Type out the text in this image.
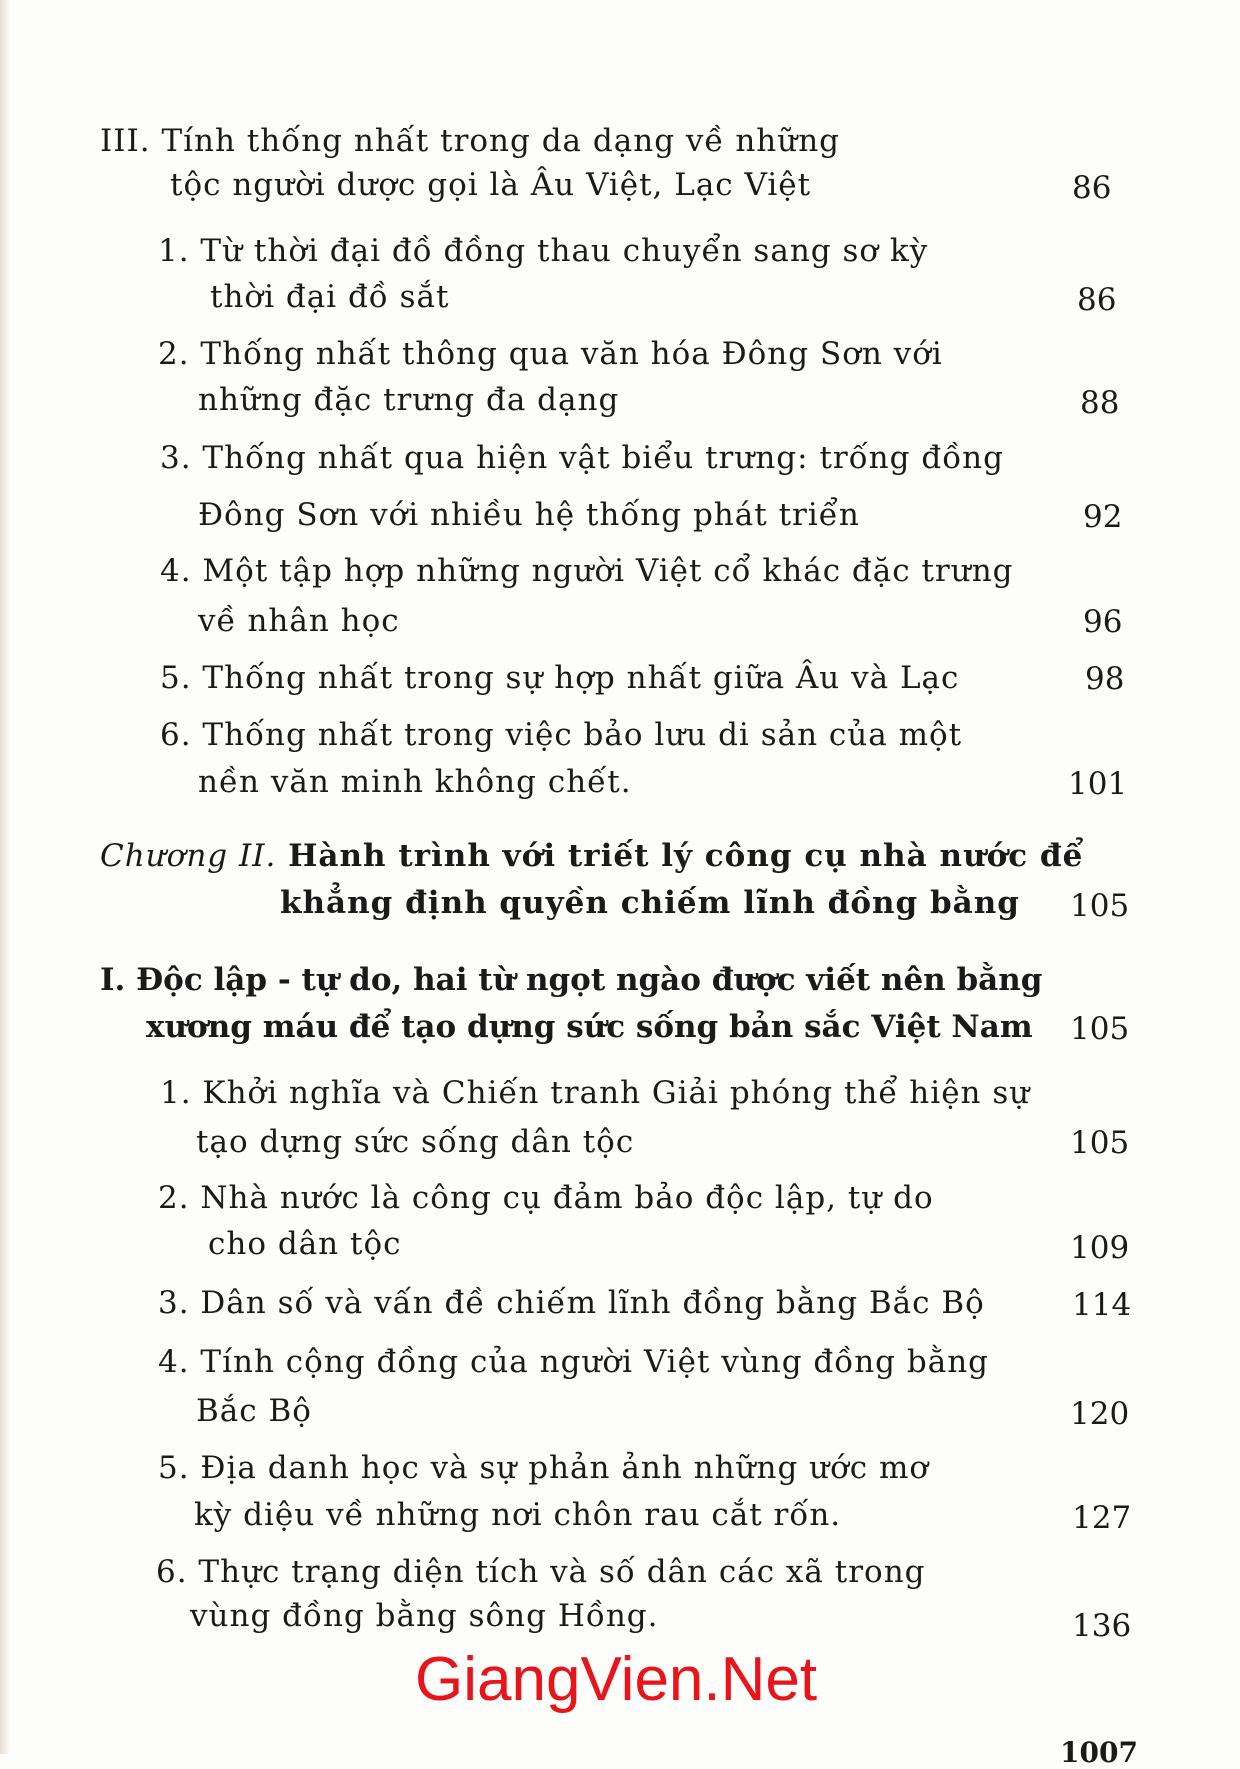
III. Tính thống nhất trong da dạng về những
tộc người dược gọi là Âu Việt, Lạc Việt	86
1. Từ thời đại đồ đồng thau chuyển sang sơ kỳ
thời đại đồ sắt	86
2. Thống nhất thông qua văn hóa Đông Sơn với
những đặc trưng đa dạng	88
3. Thống nhất qua hiện vật biểu trưng: trống đồng
Đông Sơn với nhiều hệ thống phát triển	92
4. Một tập hợp những người Việt cổ khác đặc trưng
về nhân học	96
5. Thống nhất trong sự hợp nhất giữa Âu và Lạc	98
6. Thống nhất trong việc bảo lưu di sản của một
nền văn minh không chết.	101
Chương II. Hành trình với triết lý công cụ nhà nước để
khẳng định quyền chiếm lĩnh đồng bằng 105
I. Độc lập - tự do, hai từ ngọt ngào được viết nên bằng
xương máu để tạo dựng sức sống bản sắc Việt Nam 105
1. Khởi nghĩa và Chiến tranh Giải phóng thể hiện sự
tạo dựng sức sống dân tộc	105
2. Nhà nước là công cụ đảm bảo độc lập, tự do
cho dân tộc	109
3. Dân số và vấn đề chiếm lĩnh đồng bằng Bắc Bộ	114
4. Tính cộng đồng của người Việt vùng đồng bằng
Bắc Bộ	120
5. Địa danh học và sự phản ảnh những ước mơ
kỳ diệu về những nơi chôn rau cắt rốn.	127
6. Thực trạng diện tích và số dân các xã trong
vùng đồng bằng sông Hồng.	136
GiangVien.Net
1007
